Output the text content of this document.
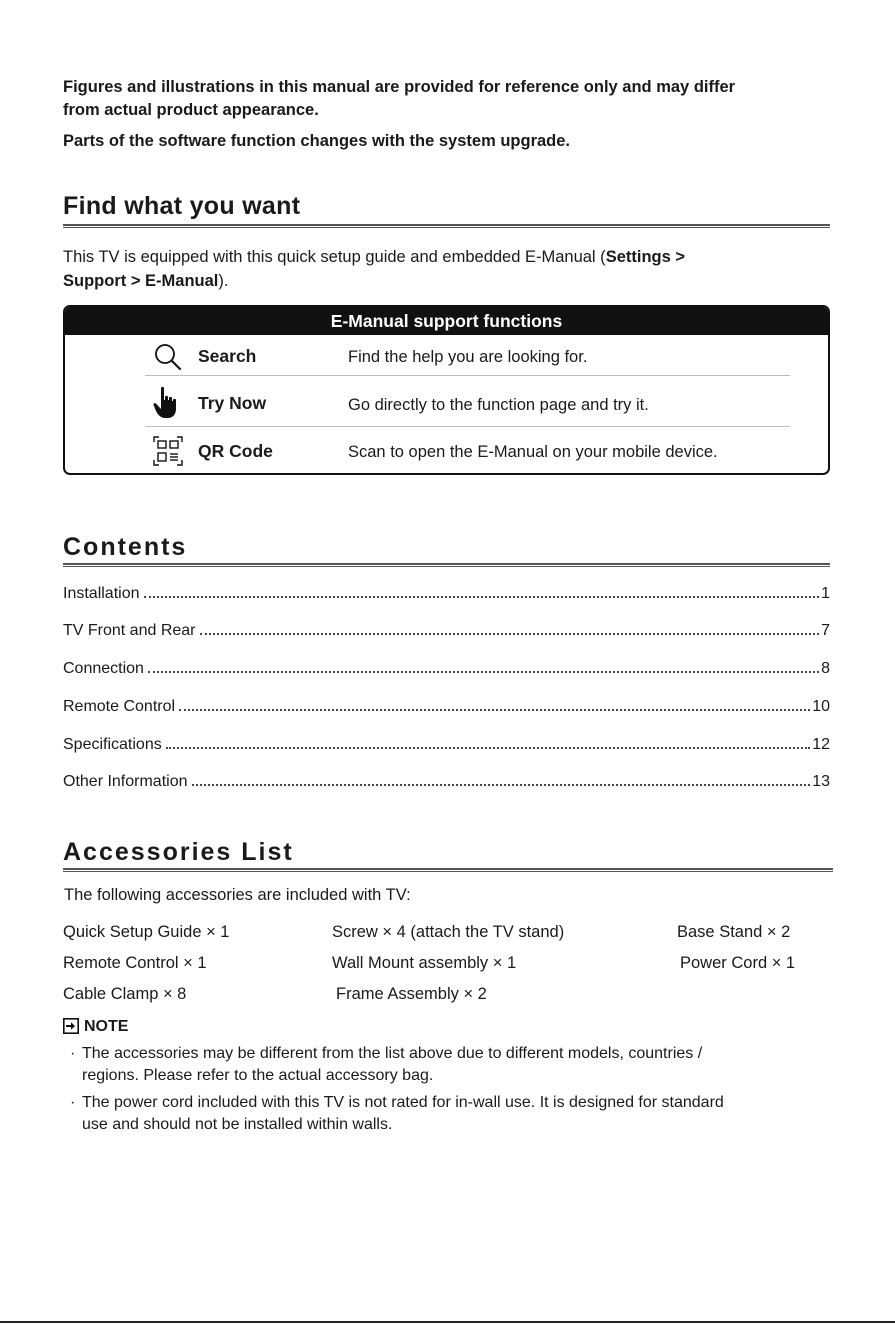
Figures and illustrations in this manual are provided for reference only and may differ
from actual product appearance.
Parts of the software function changes with the system upgrade.
Find what you want
This TV is equipped with this quick setup guide and embedded E-Manual (Settings >
Support > E-Manual).
E-Manual support functions
Search	Find the help you are looking for.
Try Now	Go directly to the function page and try it.
QR Code	Scan to open the E-Manual on your mobile device.
Contents
Installation	1
TV Front and Rear	7
Connection	8
Remote Control	10
Specifications	12
Other Information	13
Accessories List
The following accessories are included with TV:
Quick Setup Guide × 1	Screw × 4 (attach the TV stand)	Base Stand × 2
Remote Control × 1	Wall Mount assembly × 1	Power Cord × 1
Cable Clamp × 8	Frame Assembly × 2
NOTE
· The accessories may be different from the list above due to different models, countries /
regions. Please refer to the actual accessory bag.
· The power cord included with this TV is not rated for in-wall use. It is designed for standard
use and should not be installed within walls.
